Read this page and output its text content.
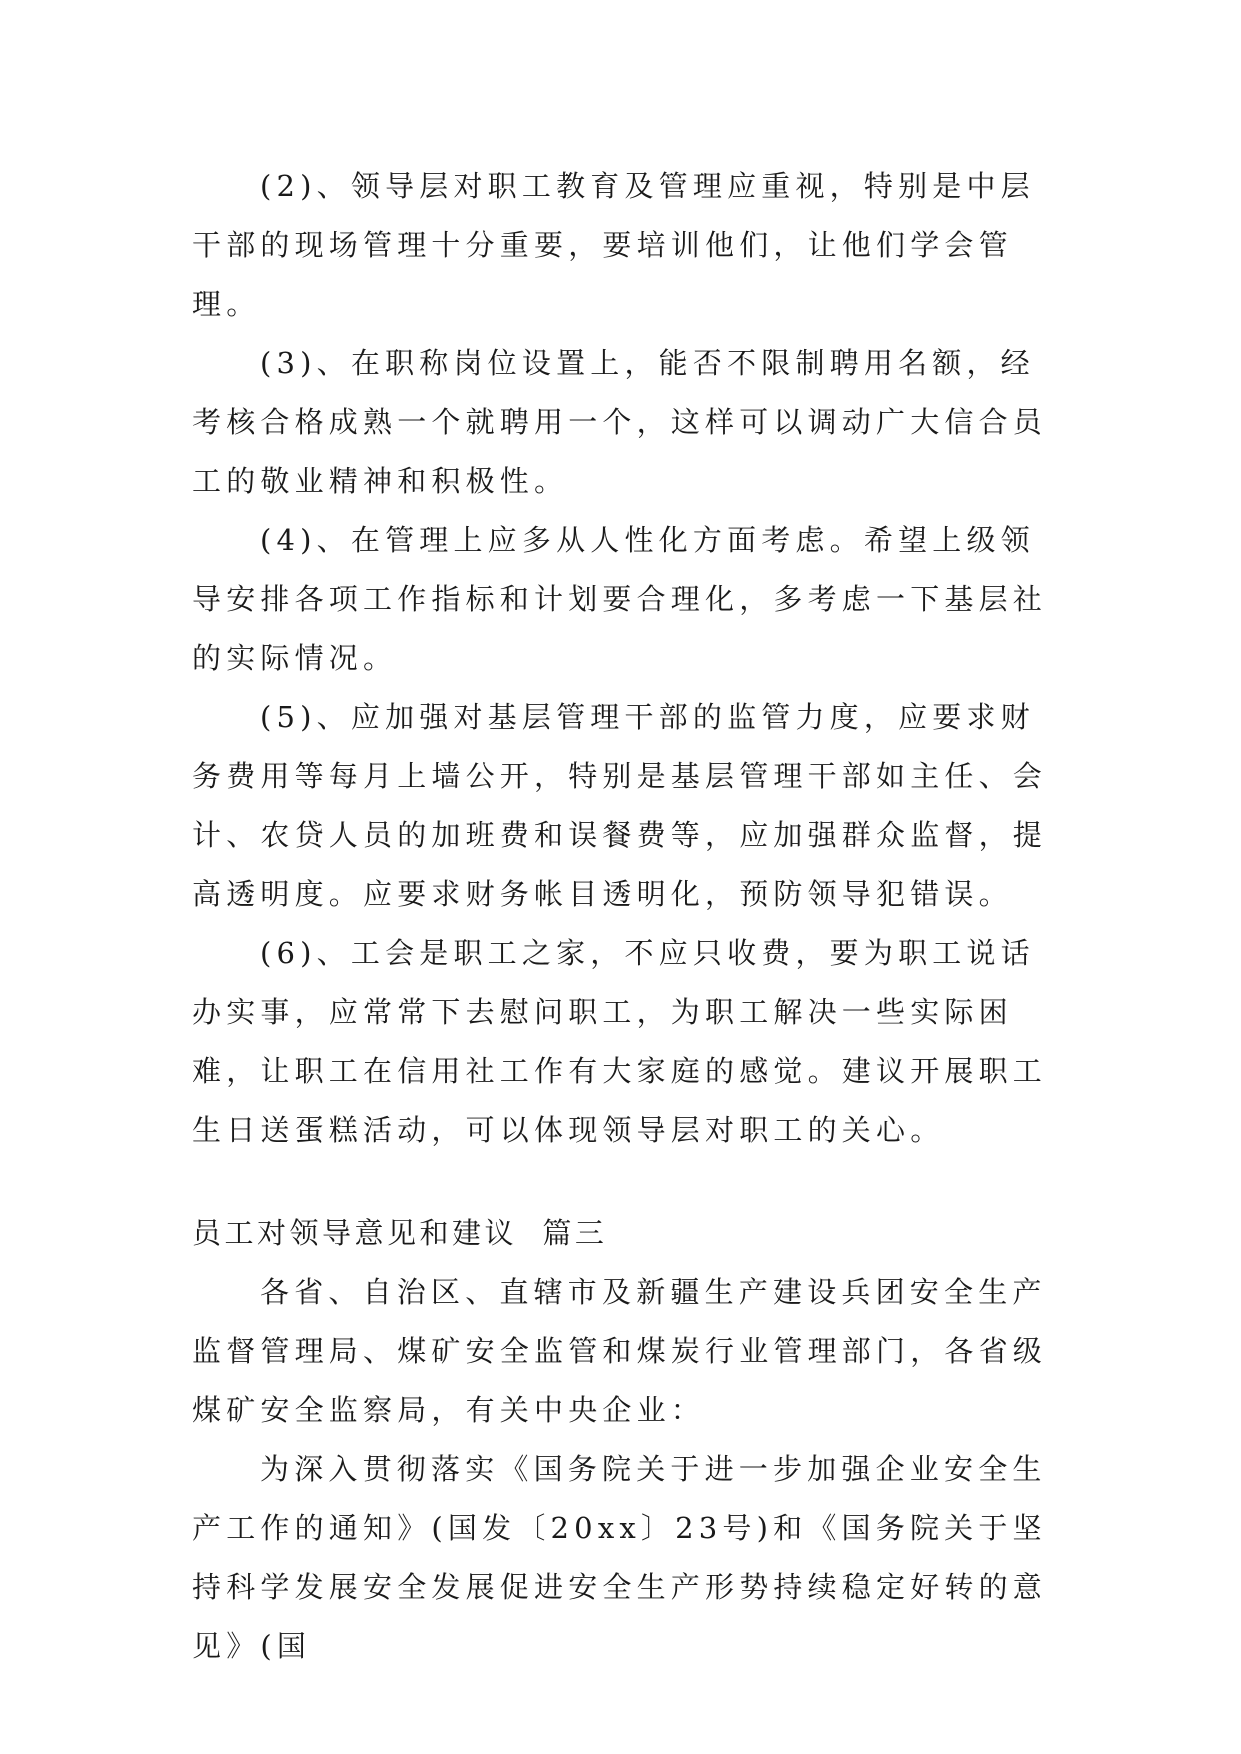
(2)、领导层对职工教育及管理应重视，特别是中层干部的现场管理十分重要，要培训他们，让他们学会管理。

(3)、在职称岗位设置上，能否不限制聘用名额，经考核合格成熟一个就聘用一个，这样可以调动广大信合员工的敬业精神和积极性。

(4)、在管理上应多从人性化方面考虑。希望上级领导安排各项工作指标和计划要合理化，多考虑一下基层社的实际情况。

(5)、应加强对基层管理干部的监管力度，应要求财务费用等每月上墙公开，特别是基层管理干部如主任、会计、农贷人员的加班费和误餐费等，应加强群众监督，提高透明度。应要求财务帐目透明化，预防领导犯错误。

(6)、工会是职工之家，不应只收费，要为职工说话办实事，应常常下去慰问职工，为职工解决一些实际困难，让职工在信用社工作有大家庭的感觉。建议开展职工生日送蛋糕活动，可以体现领导层对职工的关心。

员工对领导意见和建议  篇三

各省、自治区、直辖市及新疆生产建设兵团安全生产监督管理局、煤矿安全监管和煤炭行业管理部门，各省级煤矿安全监察局，有关中央企业：

为深入贯彻落实《国务院关于进一步加强企业安全生产工作的通知》(国发〔20xx〕23号)和《国务院关于坚持科学发展安全发展促进安全生产形势持续稳定好转的意见》(国
